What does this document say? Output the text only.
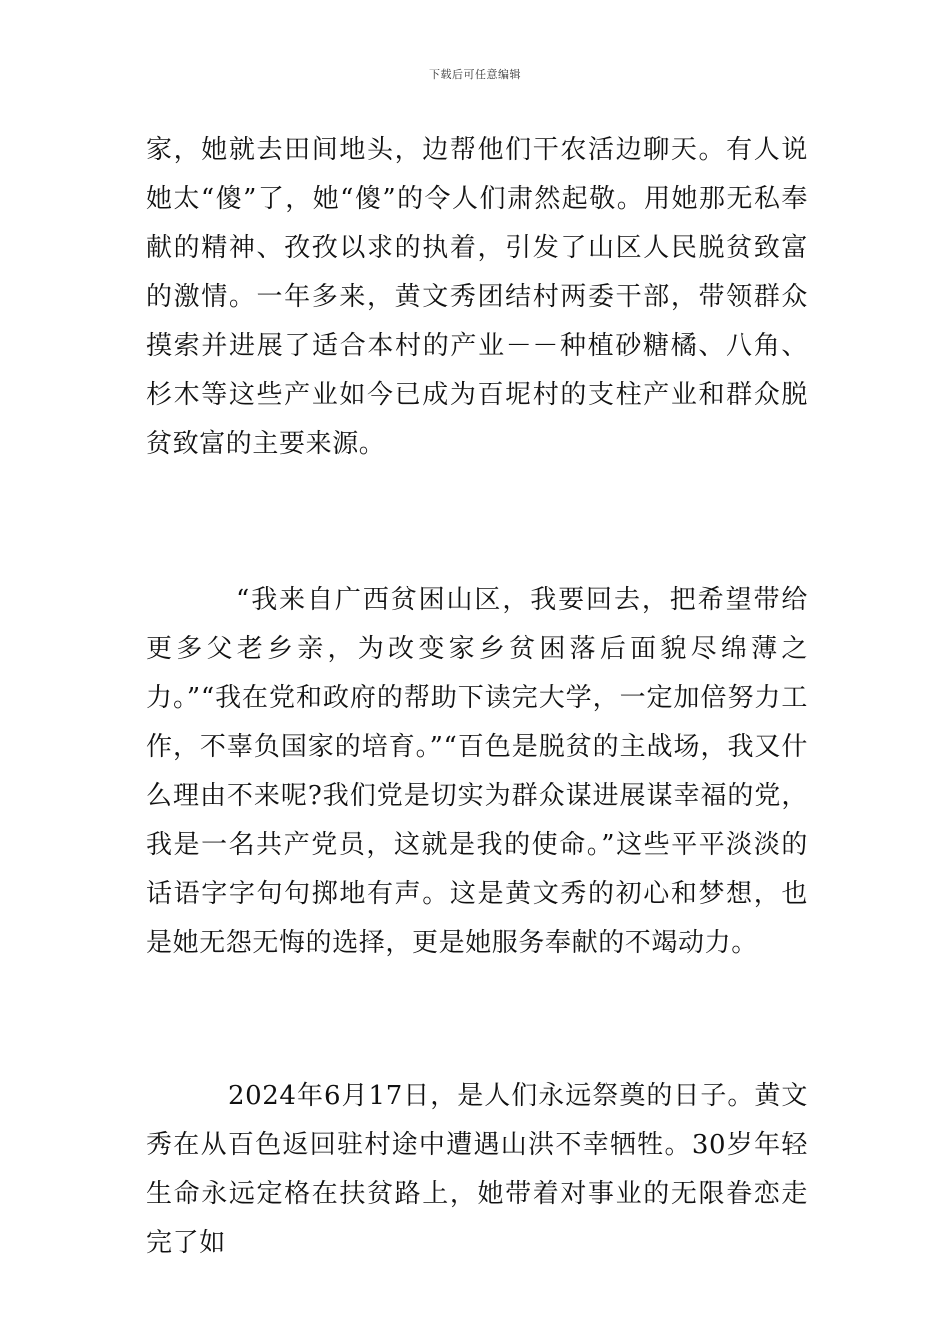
下载后可任意编辑

家，她就去田间地头，边帮他们干农活边聊天。有人说她太“傻”了，她“傻”的令人们肃然起敬。用她那无私奉献的精神、孜孜以求的执着，引发了山区人民脱贫致富的激情。一年多来，黄文秀团结村两委干部，带领群众摸索并进展了适合本村的产业－－种植砂糖橘、八角、杉木等这些产业如今已成为百坭村的支柱产业和群众脱贫致富的主要来源。

“我来自广西贫困山区，我要回去，把希望带给更多父老乡亲，为改变家乡贫困落后面貌尽绵薄之力。”“我在党和政府的帮助下读完大学，一定加倍努力工作，不辜负国家的培育。”“百色是脱贫的主战场，我又什么理由不来呢?我们党是切实为群众谋进展谋幸福的党，我是一名共产党员，这就是我的使命。”这些平平淡淡的话语字字句句掷地有声。这是黄文秀的初心和梦想，也是她无怨无悔的选择，更是她服务奉献的不竭动力。

2024年6月17日，是人们永远祭奠的日子。黄文秀在从百色返回驻村途中遭遇山洪不幸牺牲。30岁年轻生命永远定格在扶贫路上，她带着对事业的无限眷恋走完了如
